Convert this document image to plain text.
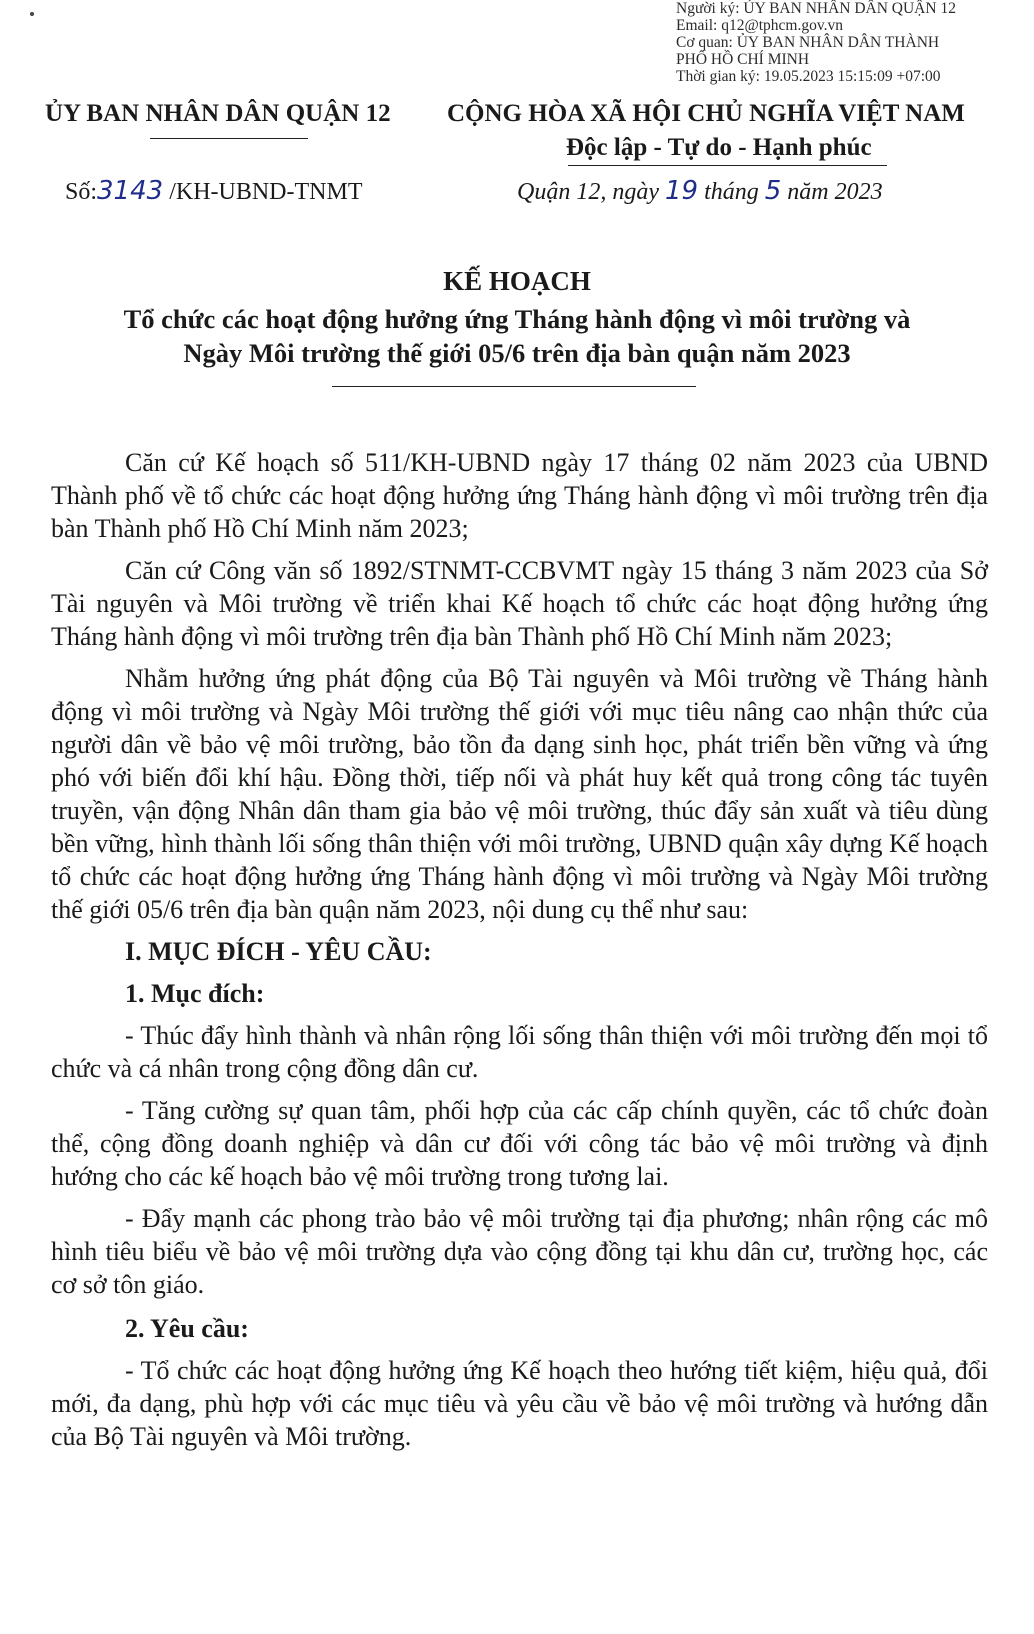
Người ký: ỦY BAN NHÂN DÂN QUẬN 12
Email: q12@tphcm.gov.vn
Cơ quan: ỦY BAN NHÂN DÂN THÀNH
PHỐ HỒ CHÍ MINH
Thời gian ký: 19.05.2023 15:15:09 +07:00
ỦY BAN NHÂN DÂN QUẬN 12 CỘNG HÒA XÃ HỘI CHỦ NGHĨA VIỆT NAM
Độc lập - Tự do - Hạnh phúc
Số:3143 /KH-UBND-TNMT	Quận 12, ngày 19 tháng 5 năm 2023
KẾ HOẠCH
Tổ chức các hoạt động hưởng ứng Tháng hành động vì môi trường và
Ngày Môi trường thế giới 05/6 trên địa bàn quận năm 2023

Căn cứ Kế hoạch số 511/KH-UBND ngày 17 tháng 02 năm 2023 của UBND Thành phố về tổ chức các hoạt động hưởng ứng Tháng hành động vì môi trường trên địa bàn Thành phố Hồ Chí Minh năm 2023;

Căn cứ Công văn số 1892/STNMT-CCBVMT ngày 15 tháng 3 năm 2023 của Sở Tài nguyên và Môi trường về triển khai Kế hoạch tổ chức các hoạt động hưởng ứng Tháng hành động vì môi trường trên địa bàn Thành phố Hồ Chí Minh năm 2023;

Nhằm hưởng ứng phát động của Bộ Tài nguyên và Môi trường về Tháng hành động vì môi trường và Ngày Môi trường thế giới với mục tiêu nâng cao nhận thức của người dân về bảo vệ môi trường, bảo tồn đa dạng sinh học, phát triển bền vững và ứng phó với biến đổi khí hậu. Đồng thời, tiếp nối và phát huy kết quả trong công tác tuyên truyền, vận động Nhân dân tham gia bảo vệ môi trường, thúc đẩy sản xuất và tiêu dùng bền vững, hình thành lối sống thân thiện với môi trường, UBND quận xây dựng Kế hoạch tổ chức các hoạt động hưởng ứng Tháng hành động vì môi trường và Ngày Môi trường thế giới 05/6 trên địa bàn quận năm 2023, nội dung cụ thể như sau:

I. MỤC ĐÍCH - YÊU CẦU:
1. Mục đích:

- Thúc đẩy hình thành và nhân rộng lối sống thân thiện với môi trường đến mọi tổ chức và cá nhân trong cộng đồng dân cư.

- Tăng cường sự quan tâm, phối hợp của các cấp chính quyền, các tổ chức đoàn thể, cộng đồng doanh nghiệp và dân cư đối với công tác bảo vệ môi trường và định hướng cho các kế hoạch bảo vệ môi trường trong tương lai.

- Đẩy mạnh các phong trào bảo vệ môi trường tại địa phương; nhân rộng các mô hình tiêu biểu về bảo vệ môi trường dựa vào cộng đồng tại khu dân cư, trường học, các cơ sở tôn giáo.

2. Yêu cầu:

- Tổ chức các hoạt động hưởng ứng Kế hoạch theo hướng tiết kiệm, hiệu quả, đổi mới, đa dạng, phù hợp với các mục tiêu và yêu cầu về bảo vệ môi trường và hướng dẫn của Bộ Tài nguyên và Môi trường.
